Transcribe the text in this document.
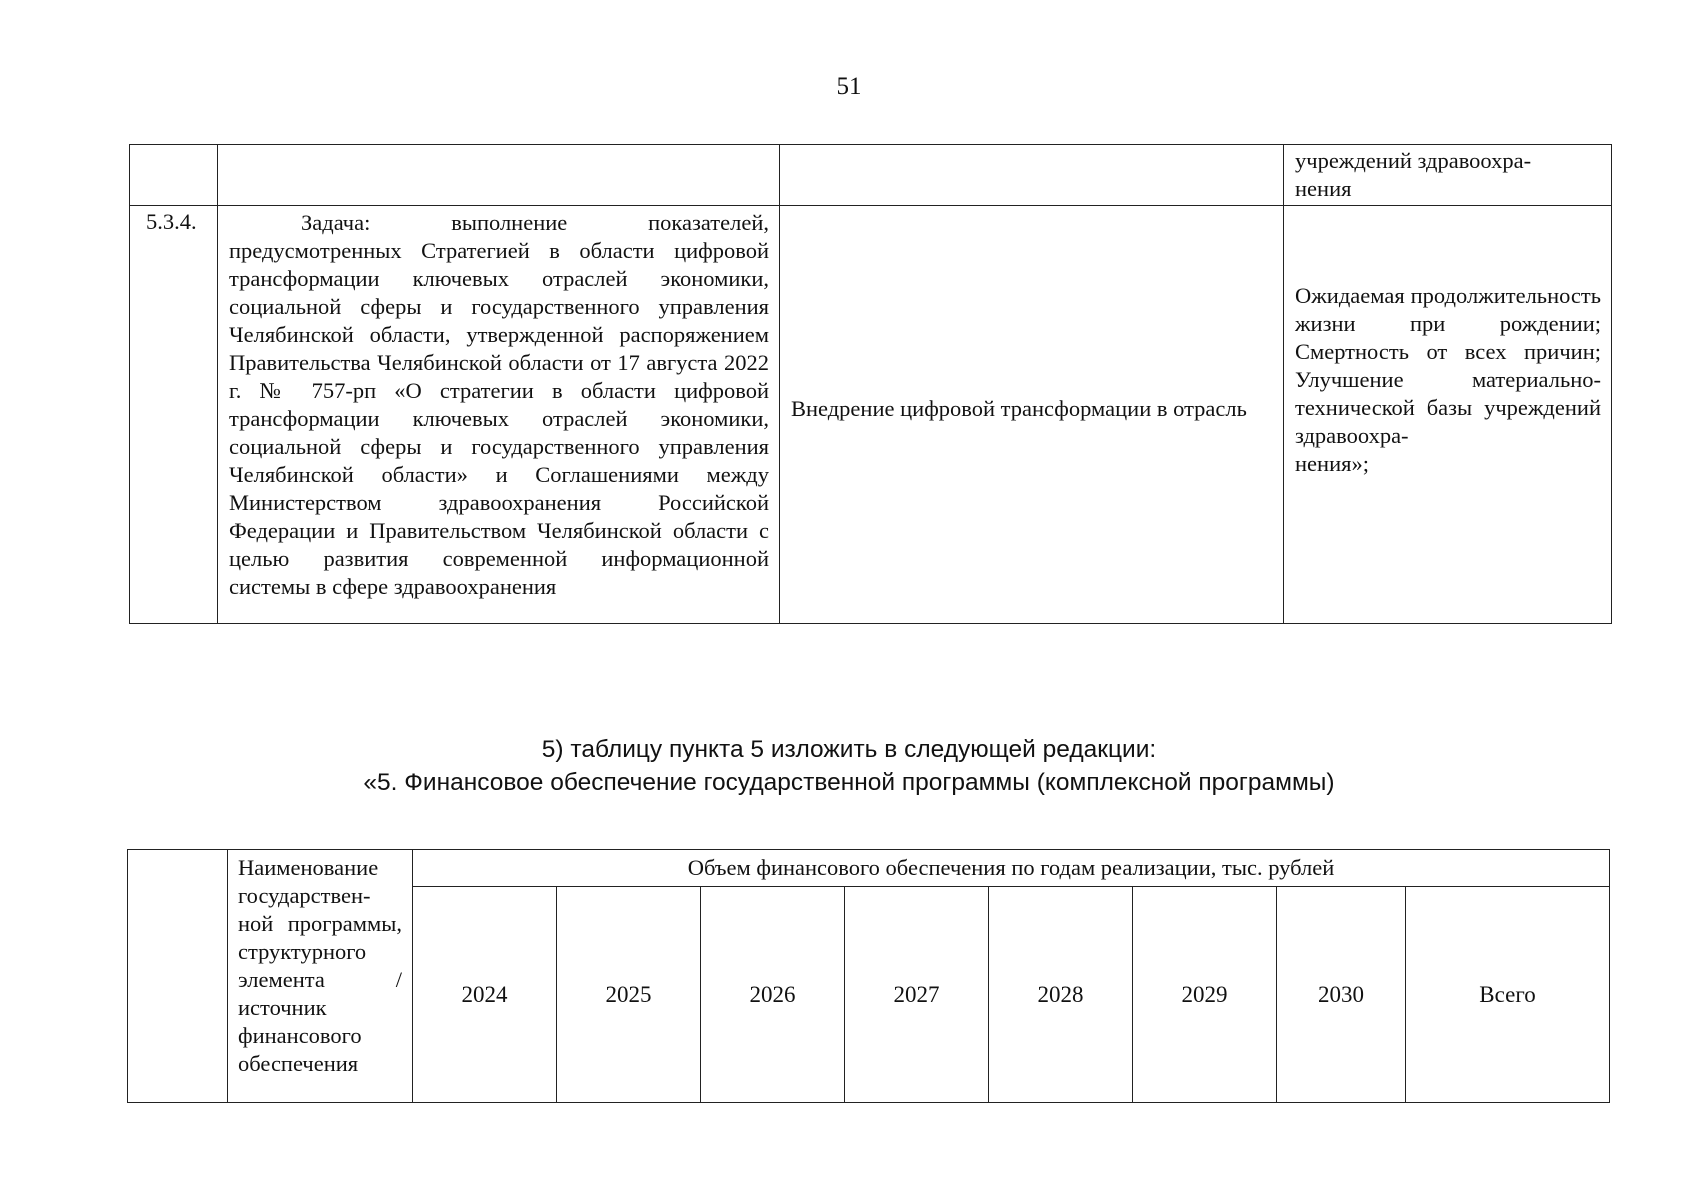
51
			учреждений здравоохра-
нения
5.3.4.	Задача: выполнение показателей, предусмотренных Стратегией в области цифровой трансформации ключевых отраслей экономики, социальной сферы и государственного управления Челябинской области, утвержденной распоряжением Правительства Челябинской области от 17 августа 2022 г. № 757-рп «О стратегии в области цифровой трансформации ключевых отраслей экономики, социальной сферы и государственного управления Челябинской области» и Соглашениями между Министерством здравоохранения Российской Федерации и Правительством Челябинской области с целью развития современной информационной системы в сфере здравоохранения	Внедрение цифровой трансформации в отрасль	Ожидаемая продолжительность жизни при рождении; Смертность от всех причин; Улучшение материально-технической базы учреждений здравоохра-
нения»;
5) таблицу пункта 5 изложить в следующей редакции:
«5. Финансовое обеспечение государственной программы (комплексной программы)
	Наименование государствен-
ной программы, структурного элемента / источник финансового обеспечения	Объем финансового обеспечения по годам реализации, тыс. рублей							
		2024	2025	2026	2027	2028	2029	2030	Всего
